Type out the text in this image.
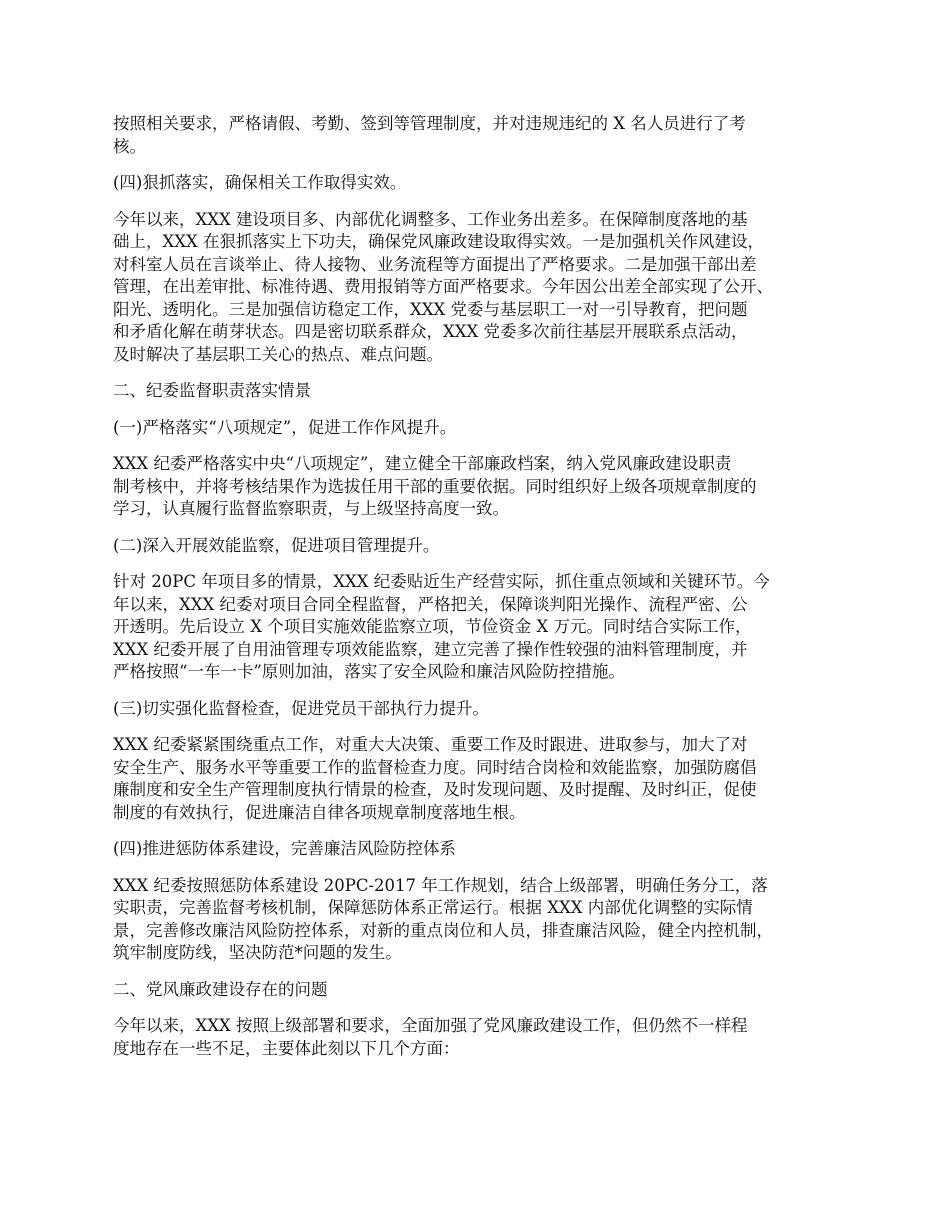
按照相关要求，严格请假、考勤、签到等管理制度，并对违规违纪的 X 名人员进行了考
核。
(四)狠抓落实，确保相关工作取得实效。
今年以来，XXX 建设项目多、内部优化调整多、工作业务出差多。在保障制度落地的基
础上，XXX 在狠抓落实上下功夫，确保党风廉政建设取得实效。一是加强机关作风建设，
对科室人员在言谈举止、待人接物、业务流程等方面提出了严格要求。二是加强干部出差
管理，在出差审批、标准待遇、费用报销等方面严格要求。今年因公出差全部实现了公开、
阳光、透明化。三是加强信访稳定工作，XXX 党委与基层职工一对一引导教育，把问题
和矛盾化解在萌芽状态。四是密切联系群众，XXX 党委多次前往基层开展联系点活动，
及时解决了基层职工关心的热点、难点问题。
二、纪委监督职责落实情景
(一)严格落实“八项规定”，促进工作作风提升。
XXX 纪委严格落实中央“八项规定”，建立健全干部廉政档案，纳入党风廉政建设职责
制考核中，并将考核结果作为选拔任用干部的重要依据。同时组织好上级各项规章制度的
学习，认真履行监督监察职责，与上级坚持高度一致。
(二)深入开展效能监察，促进项目管理提升。
针对 20PC 年项目多的情景，XXX 纪委贴近生产经营实际，抓住重点领域和关键环节。今
年以来，XXX 纪委对项目合同全程监督，严格把关，保障谈判阳光操作、流程严密、公
开透明。先后设立 X 个项目实施效能监察立项，节俭资金 X 万元。同时结合实际工作，
XXX 纪委开展了自用油管理专项效能监察，建立完善了操作性较强的油料管理制度，并
严格按照“一车一卡”原则加油，落实了安全风险和廉洁风险防控措施。
(三)切实强化监督检查，促进党员干部执行力提升。
XXX 纪委紧紧围绕重点工作，对重大大决策、重要工作及时跟进、进取参与，加大了对
安全生产、服务水平等重要工作的监督检查力度。同时结合岗检和效能监察，加强防腐倡
廉制度和安全生产管理制度执行情景的检查，及时发现问题、及时提醒、及时纠正，促使
制度的有效执行，促进廉洁自律各项规章制度落地生根。
(四)推进惩防体系建设，完善廉洁风险防控体系
XXX 纪委按照惩防体系建设 20PC-2017 年工作规划，结合上级部署，明确任务分工，落
实职责，完善监督考核机制，保障惩防体系正常运行。根据 XXX 内部优化调整的实际情
景，完善修改廉洁风险防控体系，对新的重点岗位和人员，排查廉洁风险，健全内控机制，
筑牢制度防线，坚决防范*问题的发生。
二、党风廉政建设存在的问题
今年以来，XXX 按照上级部署和要求，全面加强了党风廉政建设工作，但仍然不一样程
度地存在一些不足，主要体此刻以下几个方面：
